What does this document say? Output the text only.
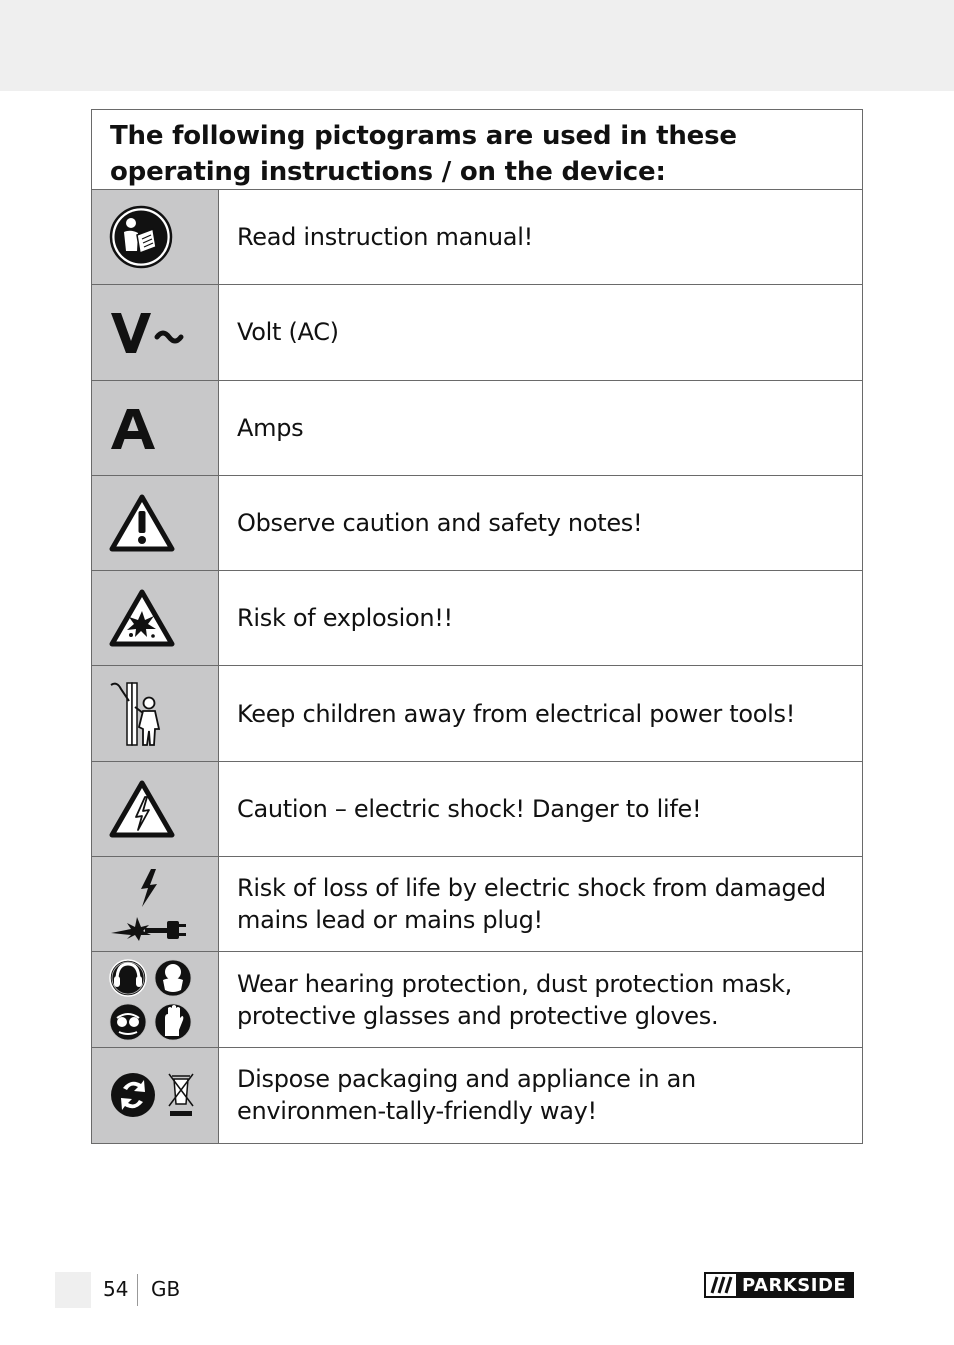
The following pictograms are used in these operating instructions / on the device:
Read instruction manual!
Volt (AC)
Amps
Observe caution and safety notes!
Risk of explosion!!
Keep children away from electrical power tools!
Caution – electric shock! Danger to life!
Risk of loss of life by electric shock from damaged mains lead or mains plug!
Wear hearing protection, dust protection mask, protective glasses and protective gloves.
Dispose packaging and appliance in an environmen-tally-friendly way!
54 GB	PARKSIDE
